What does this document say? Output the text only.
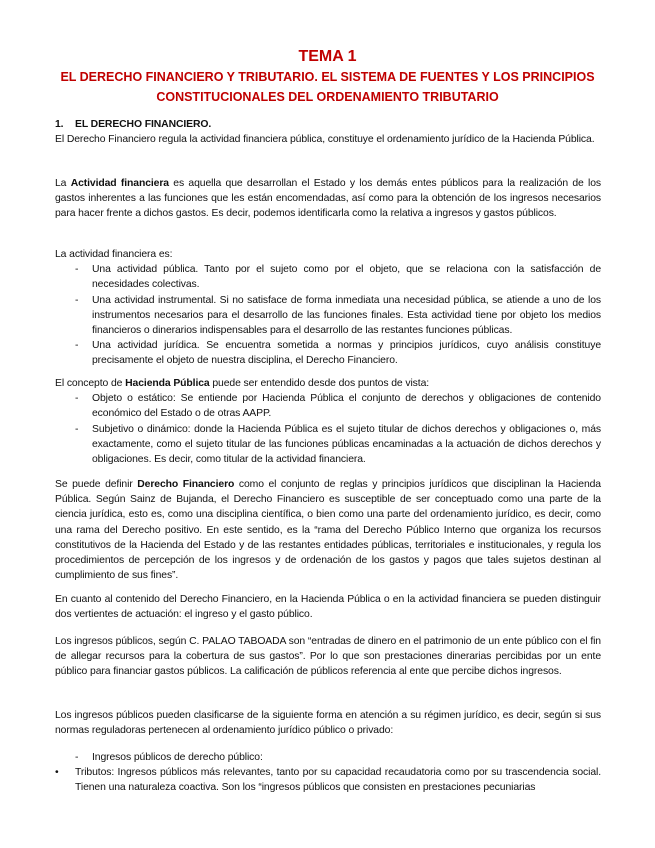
TEMA 1
EL DERECHO FINANCIERO Y TRIBUTARIO. EL SISTEMA DE FUENTES Y LOS PRINCIPIOS CONSTITUCIONALES DEL ORDENAMIENTO TRIBUTARIO

1. EL DERECHO FINANCIERO.

El Derecho Financiero regula la actividad financiera pública, constituye el ordenamiento jurídico de la Hacienda Pública.

La Actividad financiera es aquella que desarrollan el Estado y los demás entes públicos para la realización de los gastos inherentes a las funciones que les están encomendadas, así como para la obtención de los ingresos necesarios para hacer frente a dichos gastos. Es decir, podemos identificarla como la relativa a ingresos y gastos públicos.

La actividad financiera es:

- Una actividad pública. Tanto por el sujeto como por el objeto, que se relaciona con la satisfacción de necesidades colectivas.

- Una actividad instrumental. Si no satisface de forma inmediata una necesidad pública, se atiende a uno de los instrumentos necesarios para el desarrollo de las funciones finales. Esta actividad tiene por objeto los medios financieros o dinerarios indispensables para el desarrollo de las restantes funciones públicas.

- Una actividad jurídica. Se encuentra sometida a normas y principios jurídicos, cuyo análisis constituye precisamente el objeto de nuestra disciplina, el Derecho Financiero.

El concepto de Hacienda Pública puede ser entendido desde dos puntos de vista:

- Objeto o estático: Se entiende por Hacienda Pública el conjunto de derechos y obligaciones de contenido económico del Estado o de otras AAPP.

- Subjetivo o dinámico: donde la Hacienda Pública es el sujeto titular de dichos derechos y obligaciones o, más exactamente, como el sujeto titular de las funciones públicas encaminadas a la actuación de dichos derechos y obligaciones. Es decir, como titular de la actividad financiera.

Se puede definir Derecho Financiero como el conjunto de reglas y principios jurídicos que disciplinan la Hacienda Pública. Según Sainz de Bujanda, el Derecho Financiero es susceptible de ser conceptuado como una parte de la ciencia jurídica, esto es, como una disciplina científica, o bien como una parte del ordenamiento jurídico, es decir, como una rama del Derecho positivo. En este sentido, es la “rama del Derecho Público Interno que organiza los recursos constitutivos de la Hacienda del Estado y de las restantes entidades públicas, territoriales e institucionales, y regula los procedimientos de percepción de los ingresos y de ordenación de los gastos y pagos que tales sujetos destinan al cumplimiento de sus fines”.

En cuanto al contenido del Derecho Financiero, en la Hacienda Pública o en la actividad financiera se pueden distinguir dos vertientes de actuación: el ingreso y el gasto público.

Los ingresos públicos, según C. PALAO TABOADA son “entradas de dinero en el patrimonio de un ente público con el fin de allegar recursos para la cobertura de sus gastos”. Por lo que son prestaciones dinerarias percibidas por un ente público para financiar gastos públicos. La calificación de públicos referencia al ente que percibe dichos ingresos.

Los ingresos públicos pueden clasificarse de la siguiente forma en atención a su régimen jurídico, es decir, según si sus normas reguladoras pertenecen al ordenamiento jurídico público o privado:

- Ingresos públicos de derecho público:

• Tributos: Ingresos públicos más relevantes, tanto por su capacidad recaudatoria como por su trascendencia social. Tienen una naturaleza coactiva. Son los “ingresos públicos que consisten en prestaciones pecuniarias
